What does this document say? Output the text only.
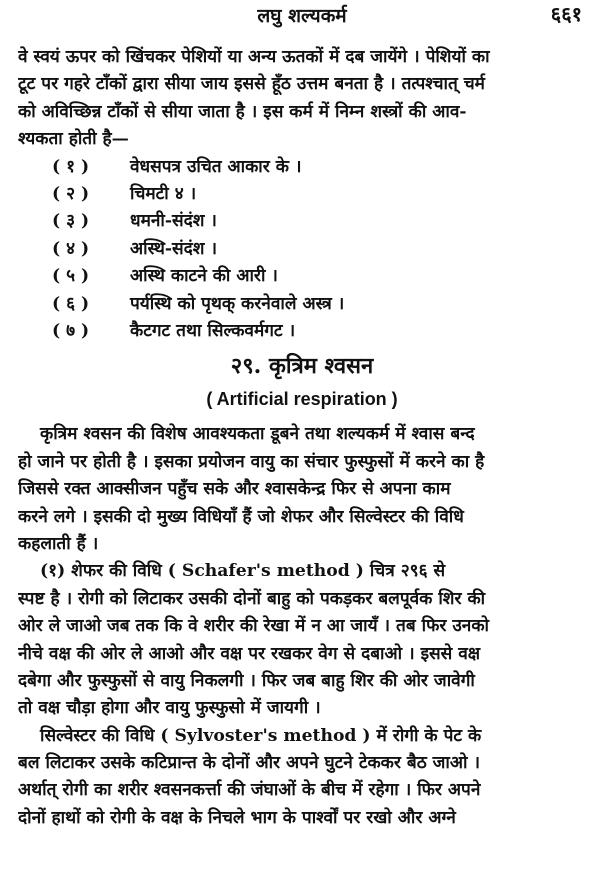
लघु शल्यकर्म	६६१
वे स्वयं ऊपर को खिंचकर पेशियों या अन्य ऊतकों में दब जायेंगे । पेशियों का
टूट पर गहरे टाँकों द्वारा सीया जाय इससे हूँठ उत्तम बनता है । तत्पश्चात् चर्म
को अविच्छिन्न टाँकों से सीया जाता है । इस कर्म में निम्न शस्त्रों की आव-
श्यकता होती है—
( १ ) वेधसपत्र उचित आकार के ।
( २ ) चिमटी ४ ।
( ३ ) धमनी-संदंश ।
( ४ ) अस्थि-संदंश ।
( ५ ) अस्थि काटने की आरी ।
( ६ ) पर्यस्थि को पृथक् करनेवाले अस्त्र ।
( ७ ) कैटगट तथा सिल्कवर्मगट ।
२९. कृत्रिम श्वसन
( Artificial respiration )
कृत्रिम श्वसन की विशेष आवश्यकता डूबने तथा शल्यकर्म में श्वास बन्द
हो जाने पर होती है । इसका प्रयोजन वायु का संचार फुस्फुसों में करने का है
जिससे रक्त आक्सीजन पहुँच सके और श्वासकेन्द्र फिर से अपना काम
करने लगे । इसकी दो मुख्य विधियाँ हैं जो शेफर और सिल्वेस्टर की विधि
कहलाती हैं ।
(१) शेफर की विधि ( Schafer's method ) चित्र २९६ से
स्पष्ट है । रोगी को लिटाकर उसकी दोनों बाहु को पकड़कर बलपूर्वक शिर की
ओर ले जाओ जब तक कि वे शरीर की रेखा में न आ जायँ । तब फिर उनको
नीचे वक्ष की ओर ले आओ और वक्ष पर रखकर वेग से दबाओ । इससे वक्ष
दबेगा और फुस्फुसों से वायु निकलगी । फिर जब बाहु शिर की ओर जावेगी
तो वक्ष चौड़ा होगा और वायु फुस्फुसो में जायगी ।
सिल्वेस्टर की विधि ( Sylvoster's method ) में रोगी के पेट के
बल लिटाकर उसके कटिप्रान्त के दोनों और अपने घुटने टेककर बैठ जाओ ।
अर्थात् रोगी का शरीर श्वसनकर्त्ता की जंघाओं के बीच में रहेगा । फिर अपने
दोनों हाथों को रोगी के वक्ष के निचले भाग के पार्श्वों पर रखो और अग्ने
